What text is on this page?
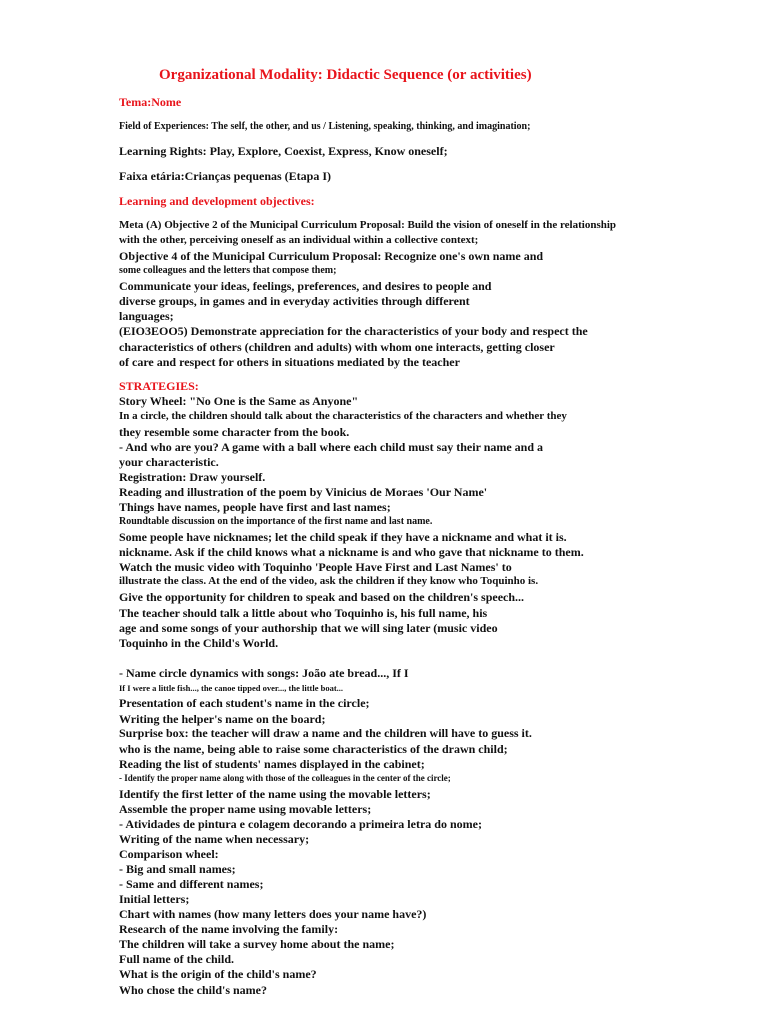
Organizational Modality: Didactic Sequence (or activities)
Tema:Nome
Field of Experiences: The self, the other, and us / Listening, speaking, thinking, and imagination;
Learning Rights: Play, Explore, Coexist, Express, Know oneself;
Faixa etária:Crianças pequenas (Etapa I)
Learning and development objectives:
Meta (A) Objective 2 of the Municipal Curriculum Proposal: Build the vision of oneself in the relationship
with the other, perceiving oneself as an individual within a collective context;
Objective 4 of the Municipal Curriculum Proposal: Recognize one's own name and
some colleagues and the letters that compose them;
Communicate your ideas, feelings, preferences, and desires to people and
diverse groups, in games and in everyday activities through different
languages;
(EIO3EOO5) Demonstrate appreciation for the characteristics of your body and respect the
characteristics of others (children and adults) with whom one interacts, getting closer
of care and respect for others in situations mediated by the teacher
STRATEGIES:
Story Wheel: "No One is the Same as Anyone"
In a circle, the children should talk about the characteristics of the characters and whether they
they resemble some character from the book.
- And who are you? A game with a ball where each child must say their name and a
your characteristic.
Registration: Draw yourself.
Reading and illustration of the poem by Vinicius de Moraes 'Our Name'
Things have names, people have first and last names;
Roundtable discussion on the importance of the first name and last name.
Some people have nicknames; let the child speak if they have a nickname and what it is.
nickname. Ask if the child knows what a nickname is and who gave that nickname to them.
Watch the music video with Toquinho 'People Have First and Last Names' to
illustrate the class. At the end of the video, ask the children if they know who Toquinho is.
Give the opportunity for children to speak and based on the children's speech...
The teacher should talk a little about who Toquinho is, his full name, his
age and some songs of your authorship that we will sing later (music video
Toquinho in the Child's World.
- Name circle dynamics with songs: João ate bread..., If I
If I were a little fish..., the canoe tipped over..., the little boat...
Presentation of each student's name in the circle;
Writing the helper's name on the board;
Surprise box: the teacher will draw a name and the children will have to guess it.
who is the name, being able to raise some characteristics of the drawn child;
Reading the list of students' names displayed in the cabinet;
- Identify the proper name along with those of the colleagues in the center of the circle;
Identify the first letter of the name using the movable letters;
Assemble the proper name using movable letters;
- Atividades de pintura e colagem decorando a primeira letra do nome;
Writing of the name when necessary;
Comparison wheel:
- Big and small names;
- Same and different names;
Initial letters;
Chart with names (how many letters does your name have?)
Research of the name involving the family:
The children will take a survey home about the name;
Full name of the child.
What is the origin of the child's name?
Who chose the child's name?
